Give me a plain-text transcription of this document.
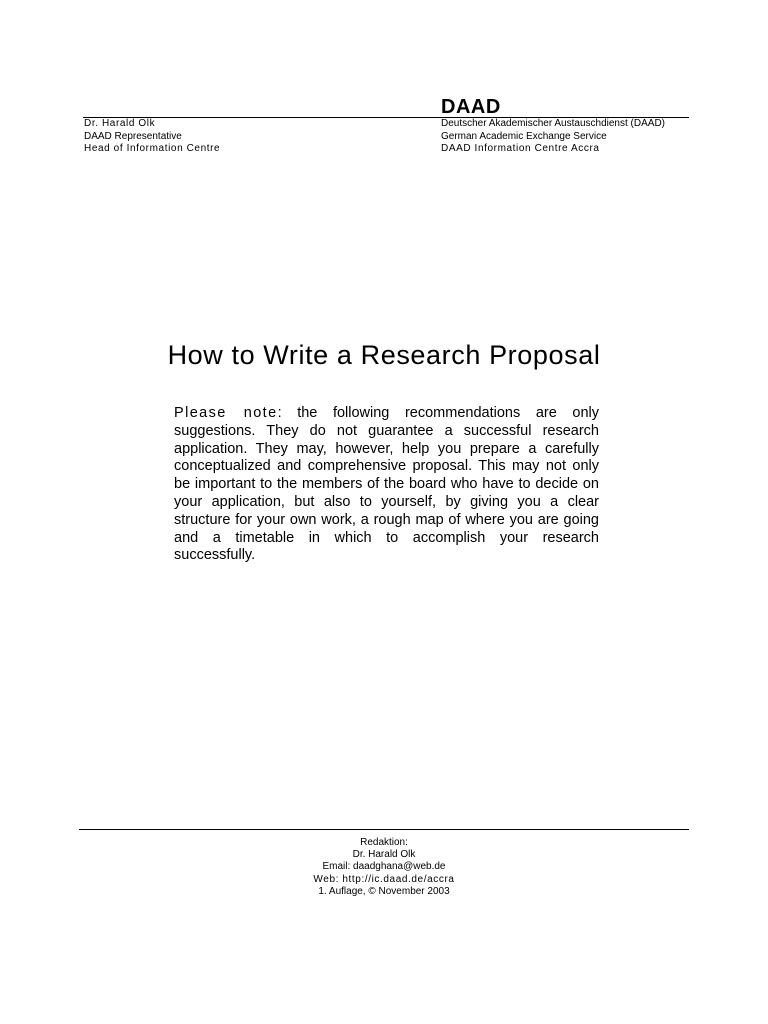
DAAD
Dr. Harald Olk
DAAD Representative
Head of Information Centre
Deutscher Akademischer Austauschdienst (DAAD)
German Academic Exchange Service
DAAD Information Centre Accra
How to Write a Research Proposal

Please note: the following recommendations are only suggestions. They do not guarantee a successful research application. They may, however, help you prepare a carefully conceptualized and comprehensive proposal. This may not only be important to the members of the board who have to decide on your application, but also to yourself, by giving you a clear structure for your own work, a rough map of where you are going and a timetable in which to accomplish your research successfully.

Redaktion:
Dr. Harald Olk
Email: daadghana@web.de
Web: http://ic.daad.de/accra
1. Auflage, © November 2003
